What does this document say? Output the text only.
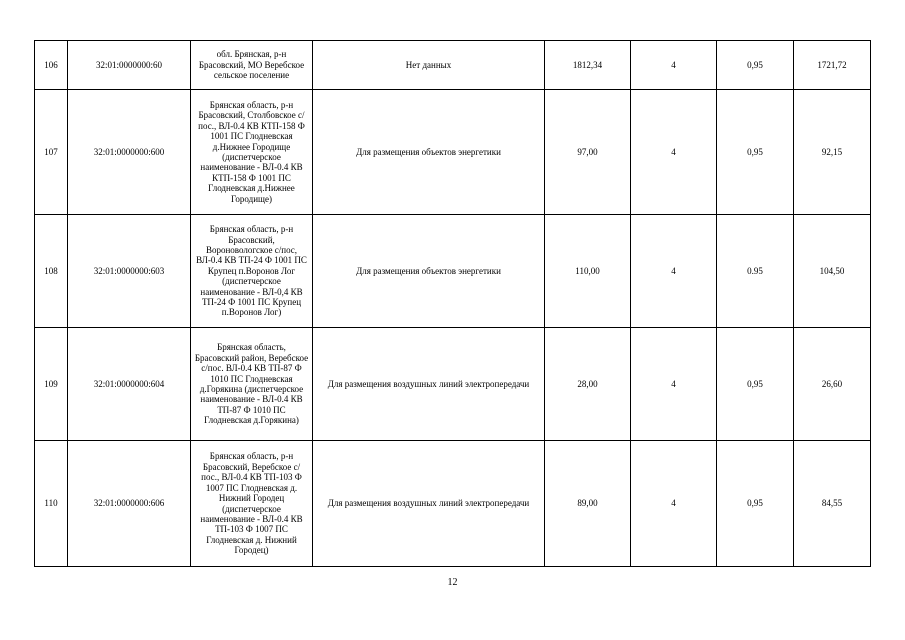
106	32:01:0000000:60	обл. Брянская, р-н Брасовский, МО Веребское сельское поселение	Нет данных	1812,34	4	0,95	1721,72
107	32:01:0000000:600	Брянская область, р-н Брасовский, Столбовское с/пос., ВЛ-0.4 КВ КТП-158 Ф 1001 ПС Глодневская д.Нижнее Городище (диспетчерское наименование - ВЛ-0.4 КВ КТП-158 Ф 1001 ПС Глодневская д.Нижнее Городище)	Для размещения объектов энергетики	97,00	4	0,95	92,15
108	32:01:0000000:603	Брянская область, р-н Брасовский, Вороновологское с/пос, ВЛ-0.4 КВ ТП-24 Ф 1001 ПС Крупец п.Воронов Лог (диспетчерское наименование - ВЛ-0,4 КВ ТП-24 Ф 1001 ПС Крупец п.Воронов Лог)	Для размещения объектов энергетики	110,00	4	0.95	104,50
109	32:01:0000000:604	Брянская область, Брасовский район, Веребское с/пос. ВЛ-0.4 КВ ТП-87 Ф 1010 ПС Глодневская д.Горякина (диспетчерское наименование - ВЛ-0.4 КВ ТП-87 Ф 1010 ПС Глодневская д.Горякина)	Для размещения воздушных линий электропередачи	28,00	4	0,95	26,60
110	32:01:0000000:606	Брянская область, р-н Брасовский, Веребское с/пос., ВЛ-0.4 КВ ТП-103 Ф 1007 ПС Глодневская д. Нижний Городец (диспетчерское наименование - ВЛ-0.4 КВ ТП-103 Ф 1007 ПС Глодневская д. Нижний Городец)	Для размещения воздушных линий электропередачи	89,00	4	0,95	84,55
12
